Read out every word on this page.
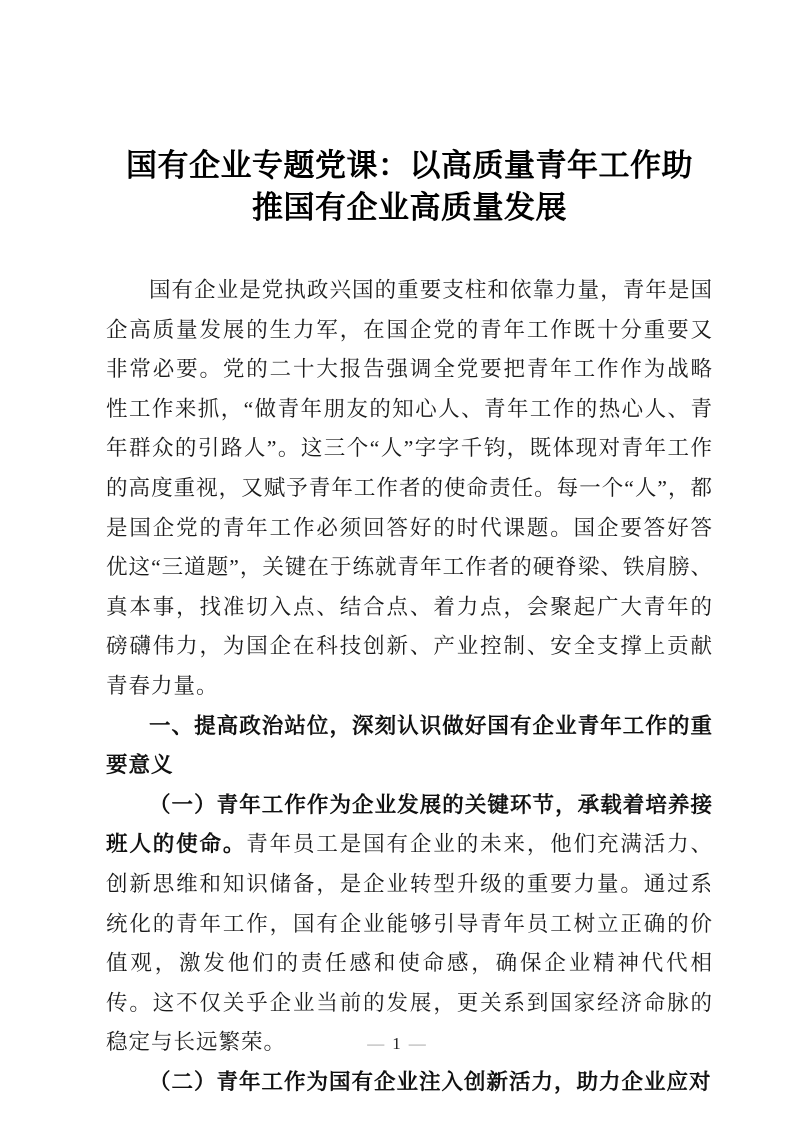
国有企业专题党课：以高质量青年工作助
推国有企业高质量发展

国有企业是党执政兴国的重要支柱和依靠力量，青年是国企高质量发展的生力军，在国企党的青年工作既十分重要又非常必要。党的二十大报告强调全党要把青年工作作为战略性工作来抓，“做青年朋友的知心人、青年工作的热心人、青年群众的引路人”。这三个“人”字字千钧，既体现对青年工作的高度重视，又赋予青年工作者的使命责任。每一个“人”，都是国企党的青年工作必须回答好的时代课题。国企要答好答优这“三道题”，关键在于练就青年工作者的硬脊梁、铁肩膀、真本事，找准切入点、结合点、着力点，会聚起广大青年的磅礴伟力，为国企在科技创新、产业控制、安全支撑上贡献青春力量。

一、提高政治站位，深刻认识做好国有企业青年工作的重要意义

（一）青年工作作为企业发展的关键环节，承载着培养接班人的使命。青年员工是国有企业的未来，他们充满活力、创新思维和知识储备，是企业转型升级的重要力量。通过系统化的青年工作，国有企业能够引导青年员工树立正确的价值观，激发他们的责任感和使命感，确保企业精神代代相传。这不仅关乎企业当前的发展，更关系到国家经济命脉的稳定与长远繁荣。

（二）青年工作为国有企业注入创新活力，助力企业应对

— 1 —
